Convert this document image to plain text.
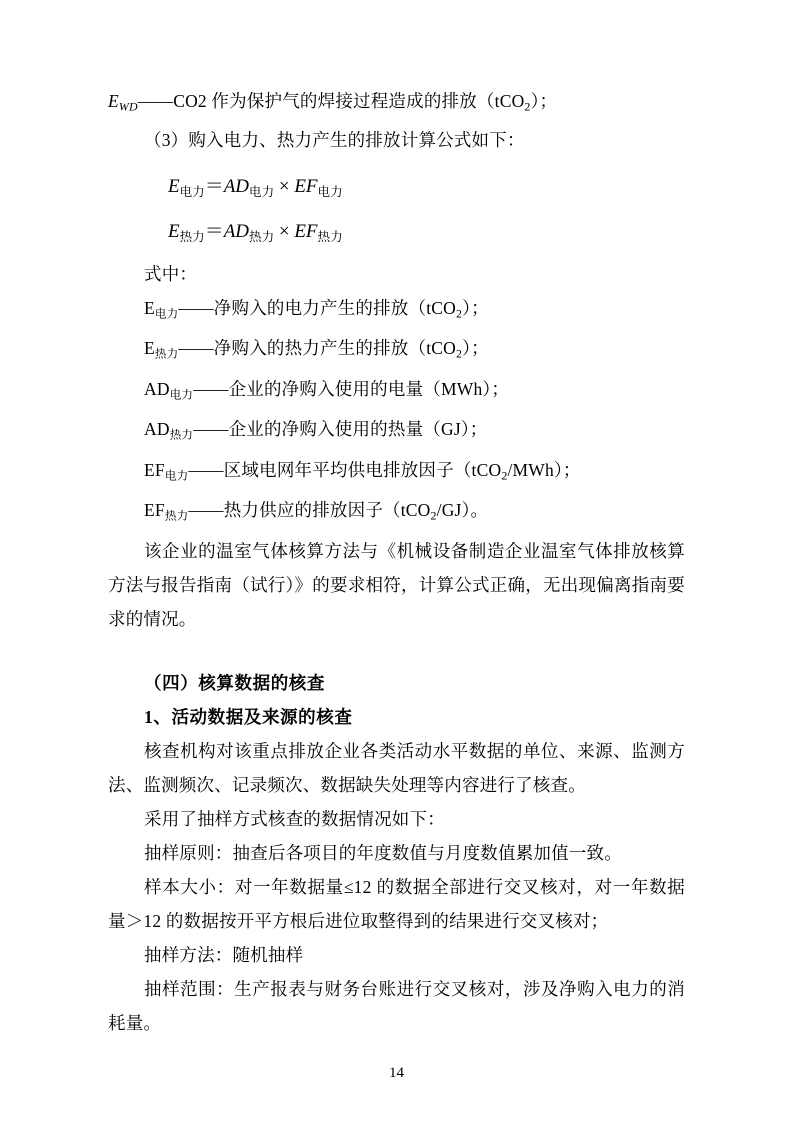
$E_{WD}——CO2$ 作为保护气的焊接过程造成的排放（tCO$_2$）；
（3）购入电力、热力产生的排放计算公式如下：
E电力＝AD电力 × EF电力
E热力＝AD热力 × EF热力
式中：
E电力——净购入的电力产生的排放（tCO$_2$）；
E热力——净购入的热力产生的排放（tCO$_2$）；
AD电力——企业的净购入使用的电量（MWh）；
AD热力——企业的净购入使用的热量（GJ）；
EF电力——区域电网年平均供电排放因子（tCO$_2$/MWh）；
EF热力——热力供应的排放因子（tCO$_2$/GJ）。
该企业的温室气体核算方法与《机械设备制造企业温室气体排放核算方法与报告指南（试行）》的要求相符，计算公式正确，无出现偏离指南要求的情况。
（四）核算数据的核查
1、活动数据及来源的核查
核查机构对该重点排放企业各类活动水平数据的单位、来源、监测方法、监测频次、记录频次、数据缺失处理等内容进行了核查。
采用了抽样方式核查的数据情况如下：
抽样原则：抽查后各项目的年度数值与月度数值累加值一致。
样本大小：对一年数据量≤12 的数据全部进行交叉核对，对一年数据量＞12 的数据按开平方根后进位取整得到的结果进行交叉核对；
抽样方法：随机抽样
抽样范围：生产报表与财务台账进行交叉核对，涉及净购入电力的消耗量。
14
